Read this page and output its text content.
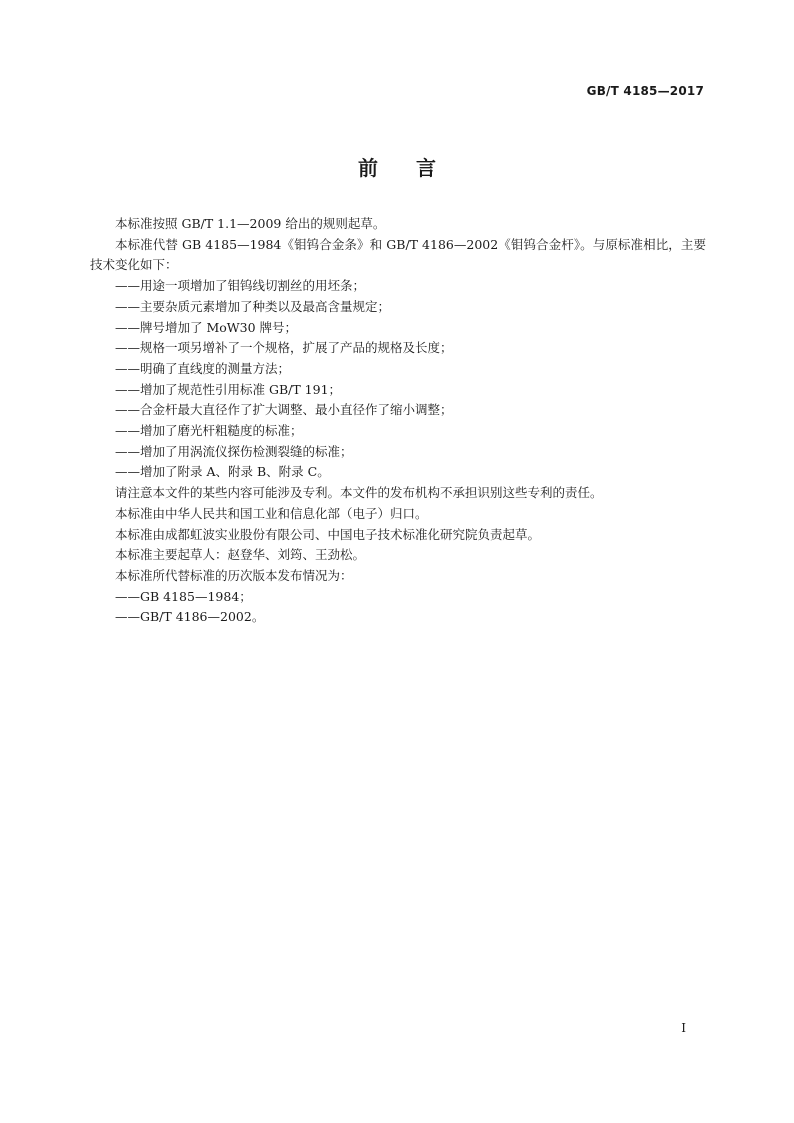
GB/T 4185—2017
前言

本标准按照 GB/T 1.1—2009 给出的规则起草。

本标准代替 GB 4185—1984《钼钨合金条》和 GB/T 4186—2002《钼钨合金杆》。与原标准相比，主要技术变化如下：

——用途一项增加了钼钨线切割丝的用坯条；

——主要杂质元素增加了种类以及最高含量规定；

——牌号增加了 MoW30 牌号；

——规格一项另增补了一个规格，扩展了产品的规格及长度；

——明确了直线度的测量方法；

——增加了规范性引用标准 GB/T 191；

——合金杆最大直径作了扩大调整、最小直径作了缩小调整；

——增加了磨光杆粗糙度的标准；

——增加了用涡流仪探伤检测裂缝的标准；

——增加了附录 A、附录 B、附录 C。

请注意本文件的某些内容可能涉及专利。本文件的发布机构不承担识别这些专利的责任。

本标准由中华人民共和国工业和信息化部（电子）归口。

本标准由成都虹波实业股份有限公司、中国电子技术标准化研究院负责起草。

本标准主要起草人：赵登华、刘筠、王劲松。

本标准所代替标准的历次版本发布情况为：

——GB 4185—1984；

——GB/T 4186—2002。

I
